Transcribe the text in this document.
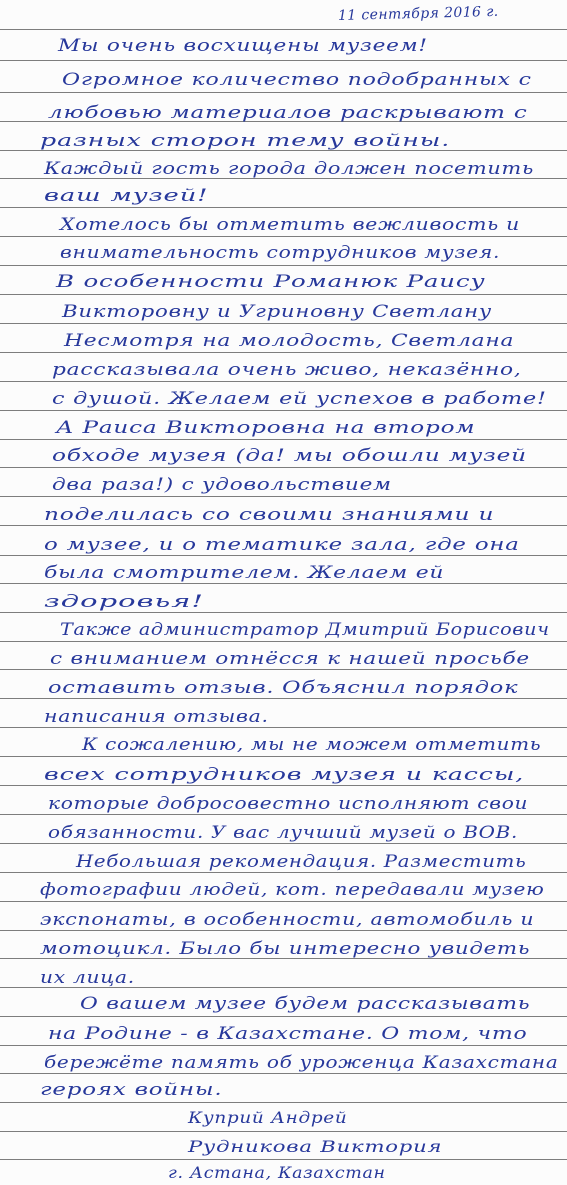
11 сентября 2016 г.
Мы очень восхищены музеем!
Огромное количество подобранных с
любовью материалов раскрывают с
разных сторон тему войны.
Каждый гость города должен посетить
ваш музей!
Хотелось бы отметить вежливость и
внимательность сотрудников музея.
В особенности Романюк Раису
Викторовну и Угриновну Светлану
Несмотря на молодость, Светлана
рассказывала очень живо, неказённо,
с душой. Желаем ей успехов в работе!
А Раиса Викторовна на втором
обходе музея (да! мы обошли музей
два раза!) с удовольствием
поделилась со своими знаниями и
о музее, и о тематике зала, где она
была смотрителем. Желаем ей
здоровья!
Также администратор Дмитрий Борисович
с вниманием отнёсся к нашей просьбе
оставить отзыв. Объяснил порядок
написания отзыва.
К сожалению, мы не можем отметить
всех сотрудников музея и кассы,
которые добросовестно исполняют свои
обязанности. У вас лучший музей о ВОВ.
Небольшая рекомендация. Разместить
фотографии людей, кот. передавали музею
экспонаты, в особенности, автомобиль и
мотоцикл. Было бы интересно увидеть
их лица.
О вашем музее будем рассказывать
на Родине - в Казахстане. О том, что
бережёте память об уроженца Казахстана
героях войны.
Куприй Андрей
Рудникова Виктория
г. Астана, Казахстан
